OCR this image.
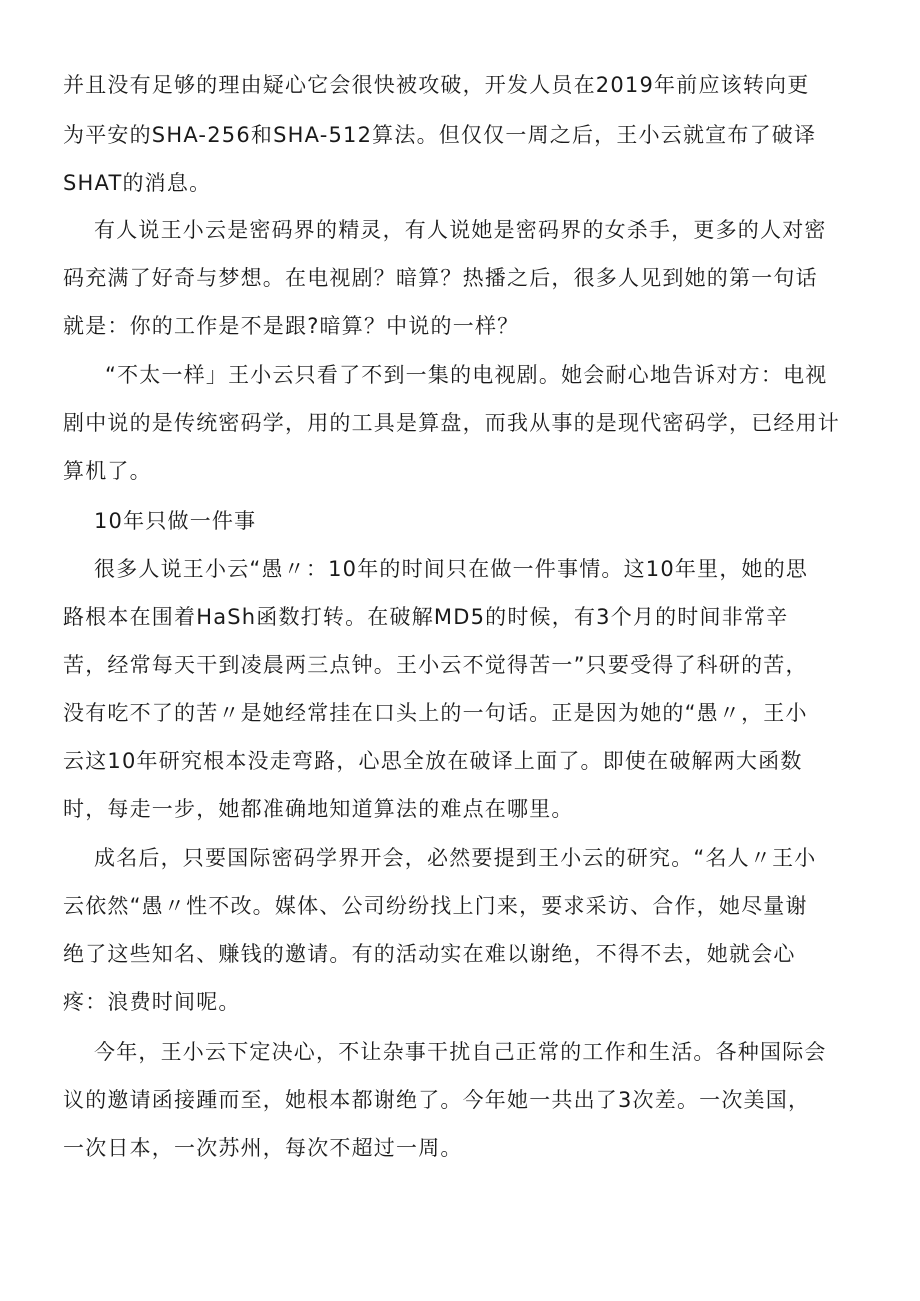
并且没有足够的理由疑心它会很快被攻破，开发人员在2019年前应该转向更
为平安的SHA-256和SHA-512算法。但仅仅一周之后，王小云就宣布了破译
SHAT的消息。
有人说王小云是密码界的精灵，有人说她是密码界的女杀手，更多的人对密
码充满了好奇与梦想。在电视剧？暗算？热播之后，很多人见到她的第一句话
就是：你的工作是不是跟?暗算？中说的一样？
“不太一样」王小云只看了不到一集的电视剧。她会耐心地告诉对方：电视
剧中说的是传统密码学，用的工具是算盘，而我从事的是现代密码学，已经用计
算机了。
10年只做一件事
很多人说王小云“愚〃：10年的时间只在做一件事情。这10年里，她的思
路根本在围着HaSh函数打转。在破解MD5的时候，有3个月的时间非常辛
苦，经常每天干到凌晨两三点钟。王小云不觉得苦一”只要受得了科研的苦，
没有吃不了的苦〃是她经常挂在口头上的一句话。正是因为她的“愚〃，王小
云这10年研究根本没走弯路，心思全放在破译上面了。即使在破解两大函数
时，每走一步，她都准确地知道算法的难点在哪里。
成名后，只要国际密码学界开会，必然要提到王小云的研究。“名人〃王小
云依然“愚〃性不改。媒体、公司纷纷找上门来，要求采访、合作，她尽量谢
绝了这些知名、赚钱的邀请。有的活动实在难以谢绝，不得不去，她就会心
疼：浪费时间呢。
今年，王小云下定决心，不让杂事干扰自己正常的工作和生活。各种国际会
议的邀请函接踵而至，她根本都谢绝了。今年她一共出了3次差。一次美国，
一次日本，一次苏州，每次不超过一周。
